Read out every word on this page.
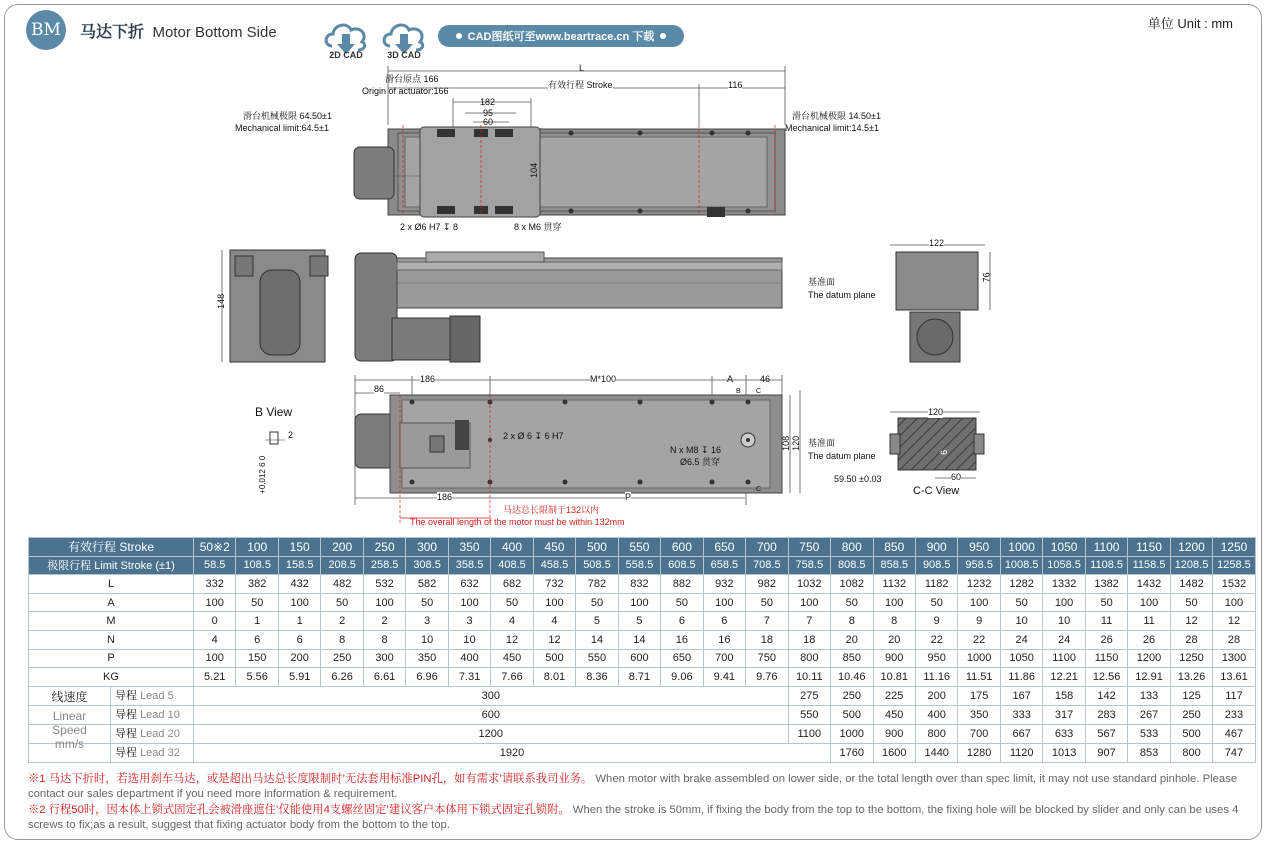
BM	马达下折 Motor Bottom Side
2D CAD	3D CAD
CAD图纸可至www.beartrace.cn 下载
单位 Unit : mm
L
滑台原点 166
Origin of actuator:166
有效行程 Stroke	116
182
95
60
104
滑台机械极限 64.50±1
Mechanical limit:64.5±1
滑台机械极限 14.50±1
Mechanical limit:14.5±1
2 x Ø6 H7 ↧ 8	8 x M6 贯穿
148
122
76
基准面
The datum plane
186
86
M*100	A	46
B C
C
2 x Ø 6 ↧ 6 H7
N x M8 ↧ 16
Ø6.5 贯穿
108 120
186	P
马达总长限制于132以内
The overall length of the motor must be within 132mm
B View
2
+0.012 6 0
120
基准面
The datum plane	6
59.50 ±0.03	60
C-C View
有效行程 Stroke	50※2	100	150	200	250	300	350	400	450	500	550	600	650	700	750	800	850	900	950	1000	1050	1100	1150	1200	1250
极限行程 Limit Stroke (±1)	58.5	108.5	158.5	208.5	258.5	308.5	358.5	408.5	458.5	508.5	558.5	608.5	658.5	708.5	758.5	808.5	858.5	908.5	958.5	1008.5	1058.5	1108.5	1158.5	1208.5	1258.5
L	332	382	432	482	532	582	632	682	732	782	832	882	932	982	1032	1082	1132	1182	1232	1282	1332	1382	1432	1482	1532
A	100	50	100	50	100	50	100	50	100	50	100	50	100	50	100	50	100	50	100	50	100	50	100	50	100
M	0	1	1	2	2	3	3	4	4	5	5	6	6	7	7	8	8	9	9	10	10	11	11	12	12
N	4	6	6	8	8	10	10	12	12	14	14	16	16	18	18	20	20	22	22	24	24	26	26	28	28
P	100	150	200	250	300	350	400	450	500	550	600	650	700	750	800	850	900	950	1000	1050	1100	1150	1200	1250	1300
KG	5.21	5.56	5.91	6.26	6.61	6.96	7.31	7.66	8.01	8.36	8.71	9.06	9.41	9.76	10.11	10.46	10.81	11.16	11.51	11.86	12.21	12.56	12.91	13.26	13.61

线速度
Linear
Speed
mm/s
导程 Lead 5	300														275	250	225	200	175	167	158	142	133	125	117

导程 Lead 10	600														550	500	450	400	350	333	317	283	267	250	233

导程 Lead 20	1200														1100	1000	900	800	700	667	633	567	533	500	467

导程 Lead 32	1920															1760	1600	1440	1280	1120	1013	907	853	800	747
※1 马达下折时，若选用刹车马达，或是超出马达总长度限制时’无法套用标准PIN孔，如有需求’请联系我司业务。 When motor with brake assembled on lower side, or the total length over than spec limit, it may not use standard pinhole. Please contact our sales department if you need more information & requirement.
※2 行程50时，因本体上锁式固定孔会被滑座遮住’仅能使用4支螺丝固定’建议客户本体用下锁式固定孔锁附。 When the stroke is 50mm, if fixing the body from the top to the bottom, the fixing hole will be blocked by slider and only can be uses 4 screws to fix;as a result, suggest that fixing actuator body from the bottom to the top.
